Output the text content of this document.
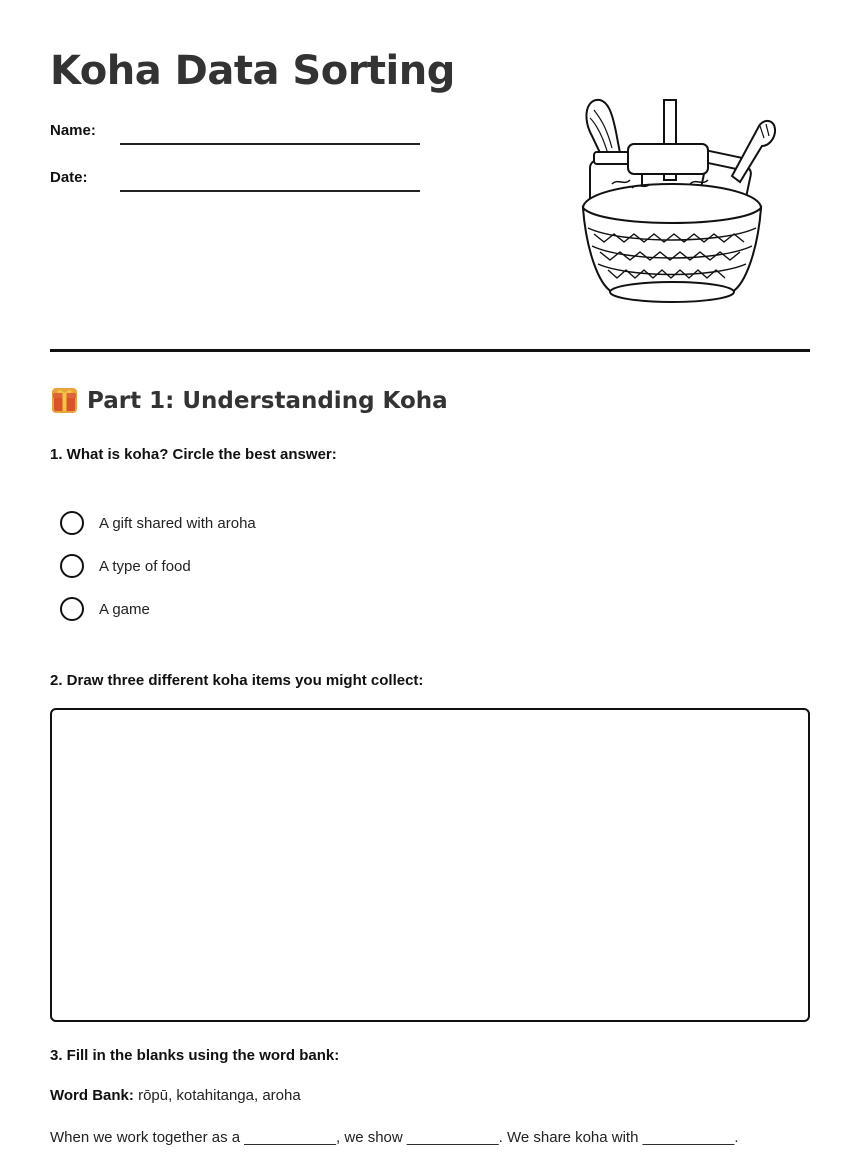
Koha Data Sorting
Name:
Date:
Part 1: Understanding Koha
1. What is koha? Circle the best answer:
A gift shared with aroha
A type of food
A game
2. Draw three different koha items you might collect:
3. Fill in the blanks using the word bank:
Word Bank: rōpū, kotahitanga, aroha
When we work together as a ___________, we show ___________. We share koha with ___________.
